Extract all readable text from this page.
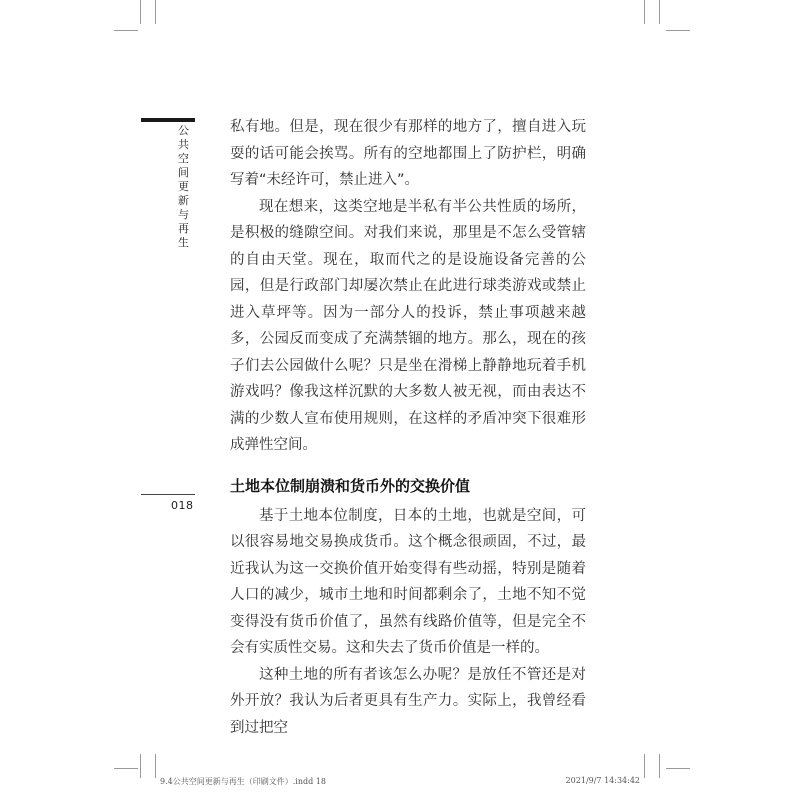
公共空间更新与再生
018

私有地。但是，现在很少有那样的地方了，擅自进入玩耍的话可能会挨骂。所有的空地都围上了防护栏，明确写着“未经许可，禁止进入”。

现在想来，这类空地是半私有半公共性质的场所，是积极的缝隙空间。对我们来说，那里是不怎么受管辖的自由天堂。现在，取而代之的是设施设备完善的公园，但是行政部门却屡次禁止在此进行球类游戏或禁止进入草坪等。因为一部分人的投诉，禁止事项越来越多，公园反而变成了充满禁锢的地方。那么，现在的孩子们去公园做什么呢？只是坐在滑梯上静静地玩着手机游戏吗？像我这样沉默的大多数人被无视，而由表达不满的少数人宣布使用规则，在这样的矛盾冲突下很难形成弹性空间。

土地本位制崩溃和货币外的交换价值

基于土地本位制度，日本的土地，也就是空间，可以很容易地交易换成货币。这个概念很顽固，不过，最近我认为这一交换价值开始变得有些动摇，特别是随着人口的减少，城市土地和时间都剩余了，土地不知不觉变得没有货币价值了，虽然有线路价值等，但是完全不会有实质性交易。这和失去了货币价值是一样的。

这种土地的所有者该怎么办呢？是放任不管还是对外开放？我认为后者更具有生产力。实际上，我曾经看到过把空

9.4公共空间更新与再生（印刷文件）.indd 18	2021/9/7 14:34:42
